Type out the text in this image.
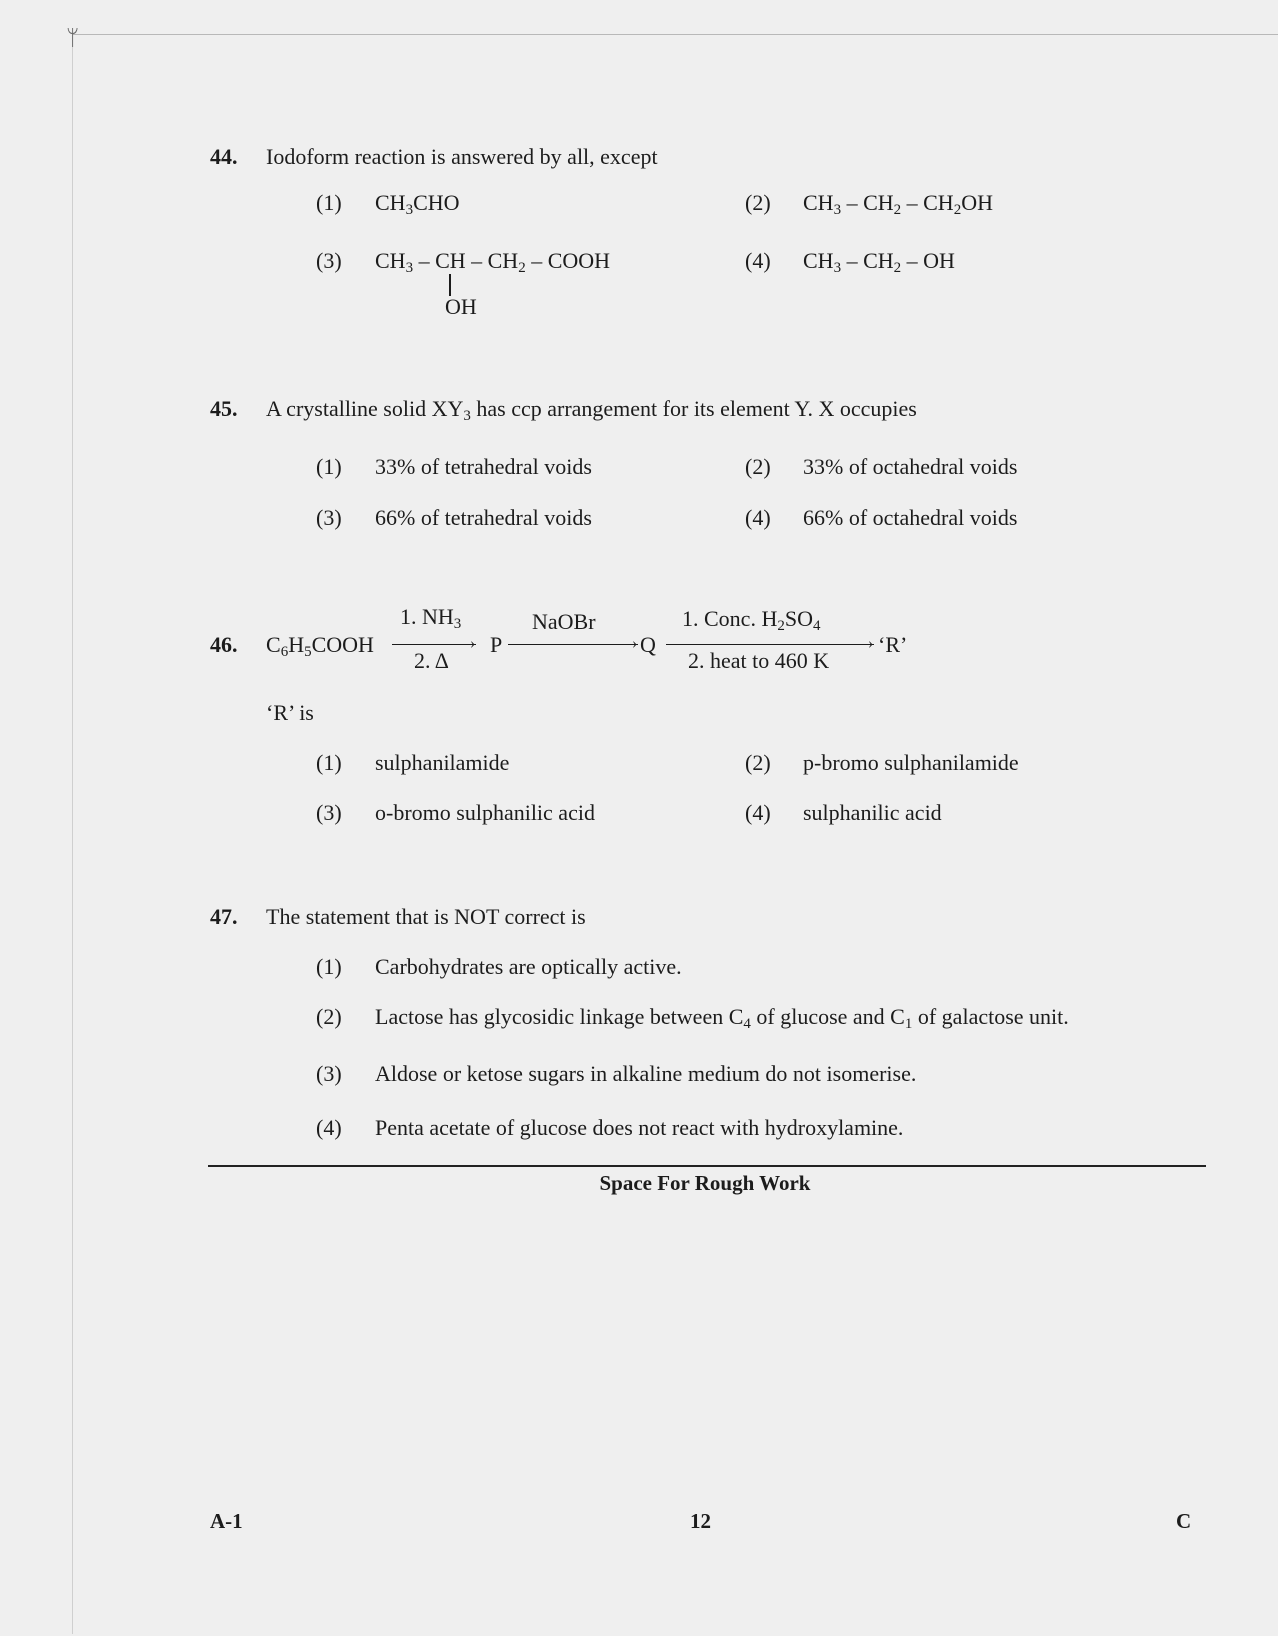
ᛘ
44. Iodoform reaction is answered by all, except
(1) $CH_3CHO$	(2) $CH_3 - CH_2 - CH_2OH$
(3) $CH_3$ – CH – $CH_2$ – COOH
OH
(4) $CH_3 - CH_2$ – OH
45. A crystalline solid $XY_3$ has ccp arrangement for its element Y. X occupies
(1) 33% of tetrahedral voids	(2) 33% of octahedral voids
(3) 66% of tetrahedral voids	(4) 66% of octahedral voids
46. $C_6H_5COOH$
1. $NH_3$
›
2. Δ
P
NaOBr
› Q
1. Conc. $H_2SO_4$
›
2. heat to 460 K
‘R’
‘R’ is
(1) sulphanilamide	(2) p-bromo sulphanilamide
(3) o-bromo sulphanilic acid	(4) sulphanilic acid
47. The statement that is NOT correct is
(1) Carbohydrates are optically active.
(2) Lactose has glycosidic linkage between $C_4$ of glucose and $C_1$ of galactose unit.
(3) Aldose or ketose sugars in alkaline medium do not isomerise.
(4) Penta acetate of glucose does not react with hydroxylamine.
Space For Rough Work
A-1	12	C
